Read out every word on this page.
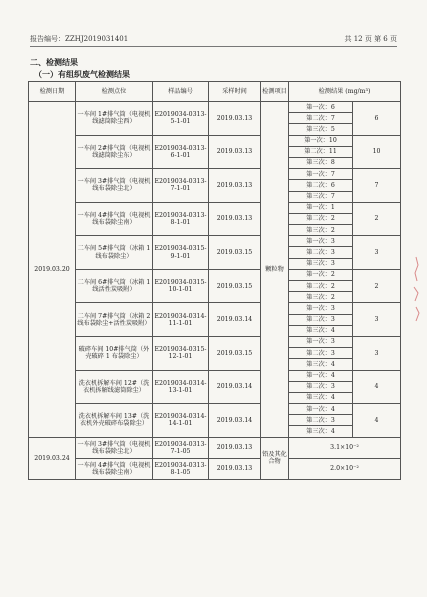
报告编号：ZZHJ2019031401	共 12 页 第 6 页
二、检测结果
（一）有组织废气检测结果
检测日期	检测点位	样品编号	采样时间	检测项目	检测结果 (mg/m³)	
2019.03.20	一车间 1#排气筒（电视机线滤筒除尘西）	E2019034-0313-5-1-01	2019.03.13	颗粒物	第一次：6	6
					第二次：7	
					第三次：5	
	一车间 2#排气筒（电视机线滤筒除尘东）	E2019034-0313-6-1-01	2019.03.13		第一次：10	10
					第二次：11	
					第三次：8	
	一车间 3#排气筒（电视机线布袋除尘北）	E2019034-0313-7-1-01	2019.03.13		第一次：7	7
					第二次：6	
					第三次：7	
	一车间 4#排气筒（电视机线布袋除尘南）	E2019034-0313-8-1-01	2019.03.13		第一次：1	2
					第二次：2	
					第三次：2	
	二车间 5#排气筒（冰箱 1 线布袋除尘）	E2019034-0315-9-1-01	2019.03.15		第一次：3	3
					第二次：3	
					第三次：3	
	二车间 6#排气筒（冰箱 1 线活性炭吸附）	E2019034-0315-10-1-01	2019.03.15		第一次：2	2
					第二次：2	
					第三次：2	
	二车间 7#排气筒（冰箱 2 线布袋除尘+活性炭吸附）	E2019034-0314-11-1-01	2019.03.14		第一次：3	3
					第二次：3	
					第三次：4	
	破碎车间 10#排气筒（外壳破碎 1 布袋除尘）	E2019034-0315-12-1-01	2019.03.15		第一次：3	3
					第二次：3	
					第三次：4	
	洗衣机拆解车间 12#（洗衣机拆解线滤筒除尘）	E2019034-0314-13-1-01	2019.03.14		第一次：4	4
					第二次：3	
					第三次：4	
	洗衣机拆解车间 13#（洗衣机外壳破碎布袋除尘）	E2019034-0314-14-1-01	2019.03.14		第一次：4	4
					第二次：3	
					第三次：4	
2019.03.24	一车间 3#排气筒（电视机线布袋除尘北）	E2019034-0313-7-1-05	2019.03.13	铅及其化合物	3.1×10⁻²	
	一车间 4#排气筒（电视机线布袋除尘南）	E2019034-0313-8-1-05	2019.03.13		2.0×10⁻²	
